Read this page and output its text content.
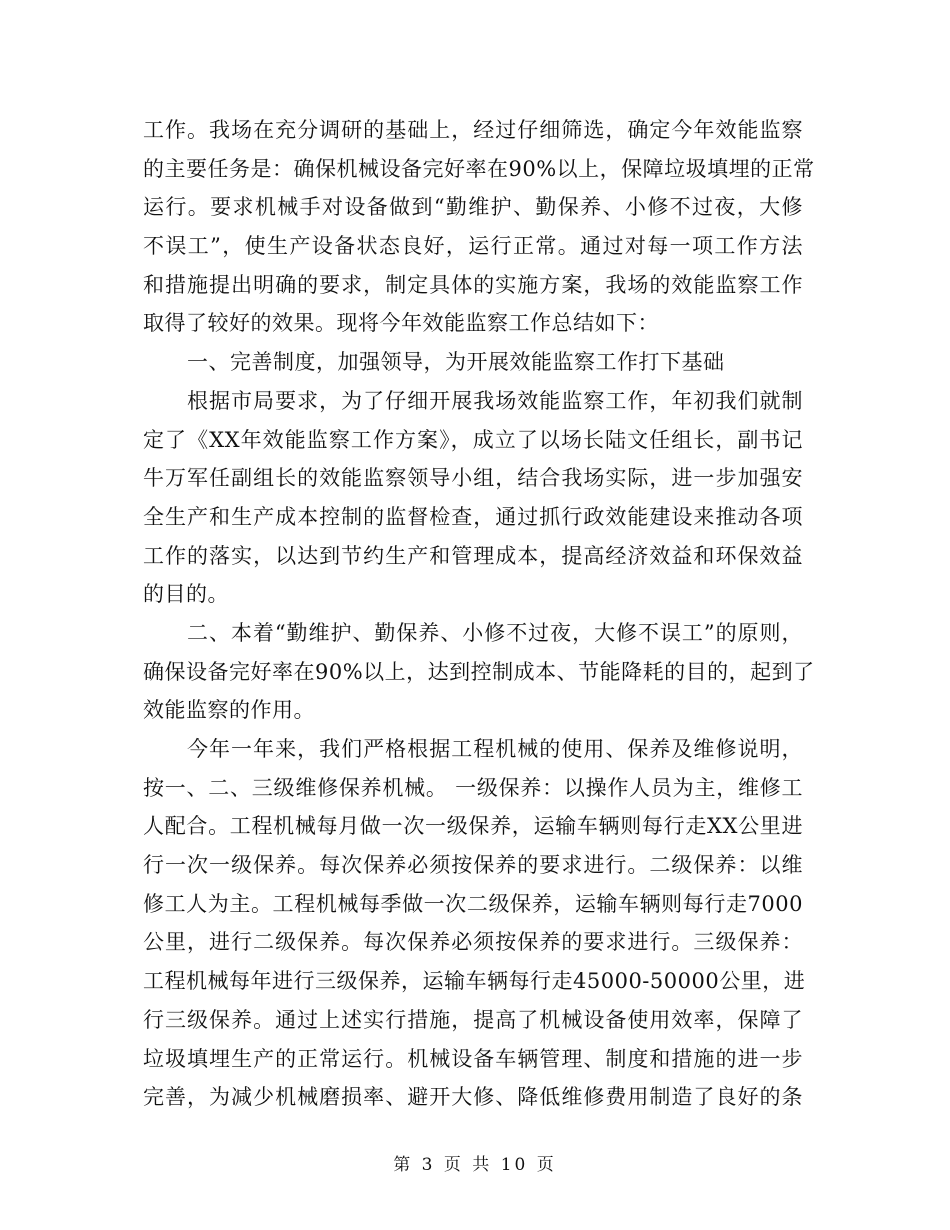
工作。我场在充分调研的基础上，经过仔细筛选，确定今年效能监察
的主要任务是：确保机械设备完好率在90%以上，保障垃圾填埋的正常
运行。要求机械手对设备做到“勤维护、勤保养、小修不过夜，大修
不误工”，使生产设备状态良好，运行正常。通过对每一项工作方法
和措施提出明确的要求，制定具体的实施方案，我场的效能监察工作
取得了较好的效果。现将今年效能监察工作总结如下：
一、完善制度，加强领导，为开展效能监察工作打下基础
根据市局要求，为了仔细开展我场效能监察工作，年初我们就制
定了《XX年效能监察工作方案》，成立了以场长陆文任组长，副书记
牛万军任副组长的效能监察领导小组，结合我场实际，进一步加强安
全生产和生产成本控制的监督检查，通过抓行政效能建设来推动各项
工作的落实，以达到节约生产和管理成本，提高经济效益和环保效益
的目的。
二、本着“勤维护、勤保养、小修不过夜，大修不误工”的原则，
确保设备完好率在90%以上，达到控制成本、节能降耗的目的，起到了
效能监察的作用。
今年一年来，我们严格根据工程机械的使用、保养及维修说明，
按一、二、三级维修保养机械。 一级保养：以操作人员为主，维修工
人配合。工程机械每月做一次一级保养，运输车辆则每行走XX公里进
行一次一级保养。每次保养必须按保养的要求进行。二级保养：以维
修工人为主。工程机械每季做一次二级保养，运输车辆则每行走7000
公里，进行二级保养。每次保养必须按保养的要求进行。三级保养：
工程机械每年进行三级保养，运输车辆每行走45000-50000公里，进
行三级保养。通过上述实行措施，提高了机械设备使用效率，保障了
垃圾填埋生产的正常运行。机械设备车辆管理、制度和措施的进一步
完善，为减少机械磨损率、避开大修、降低维修费用制造了良好的条
第 3 页 共 10 页
